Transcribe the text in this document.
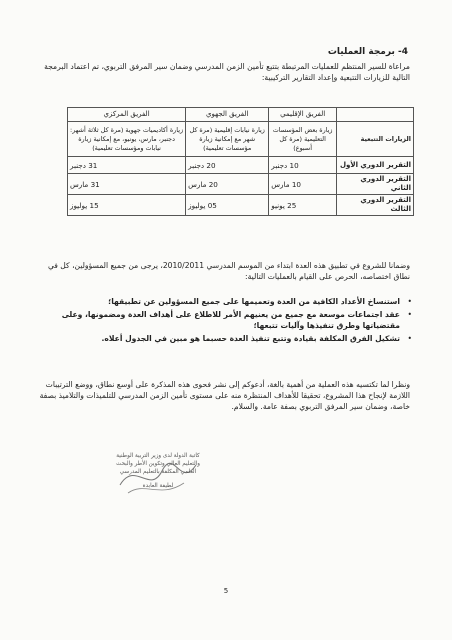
4- برمجة العمليات
مراعاة للسير المنتظم للعمليات المرتبطة بتتبع تأمين الزمن المدرسي وضمان سير المرفق التربوي، تم اعتماد البرمجة التالية للزيارات التتبعية وإعداد التقارير التركيبية:
	الفريق الإقليمي	الفريق الجهوي	الفريق المركزي
الزيارات التتبعية	زيارة بعض المؤسسات التعليمية (مرة كل أسبوع)	زيارة نيابات إقليمية (مرة كل شهر مع إمكانية زيارة مؤسسات تعليمية)	زيارة أكاديميات جهوية (مرة كل ثلاثة أشهر: دجنبر، مارس، يونيو، مع إمكانية زيارة نيابات ومؤسسات تعليمية)
التقرير الدوري الأول	10 دجنبر	20 دجنبر	31 دجنبر
التقرير الدوري الثاني	10 مارس	20 مارس	31 مارس
التقرير الدوري الثالث	25 يونيو	05 يوليوز	15 يوليوز
وضمانا للشروع في تطبيق هذه العدة ابتداء من الموسم المدرسي 2010/2011، يرجى من جميع المسؤولين، كل في نطاق اختصاصه، الحرص على القيام بالعمليات التالية:
•
استنساخ الأعداد الكافية من العدة وتعميمها على جميع المسؤولين عن تطبيقها؛
•
عقد اجتماعات موسعة مع جميع من يعنيهم الأمر للاطلاع على أهداف العدة ومضمونها، وعلى مقتضياتها وطرق تنفيذها وآليات تتبعها؛
•
تشكيل الفرق المكلفة بقيادة وتتبع تنفيذ العدة حسبما هو مبين في الجدول أعلاه.
ونظرا لما تكتسيه هذه العملية من أهمية بالغة، أدعوكم إلى نشر فحوى هذه المذكرة على أوسع نطاق، ووضع الترتيبات اللازمة لإنجاح هذا المشروع، تحقيقا للأهداف المنتظرة منه على مستوى تأمين الزمن المدرسي للتلميذات والتلاميذ بصفة خاصة، وضمان سير المرفق التربوي بصفة عامة. والسلام.
كاتبة الدولة لدى وزير التربية الوطنية
والتعليم العالي وتكوين الأطر والبحث
العلمي المكلفة بالتعليم المدرسي
لطيفة العابدة
5
